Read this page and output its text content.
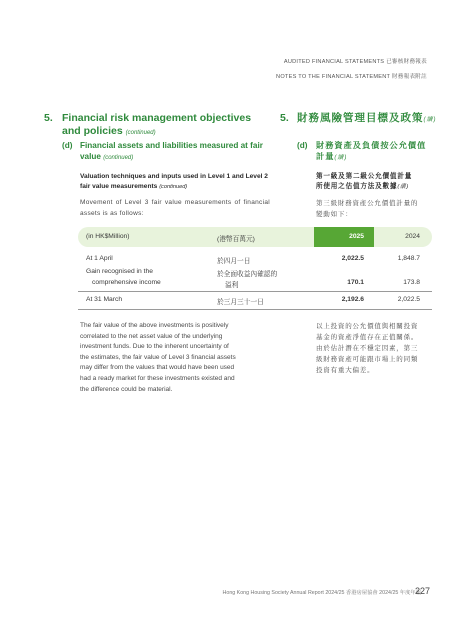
AUDITED FINANCIAL STATEMENTS 已審核財務報表
NOTES TO THE FINANCIAL STATEMENT 財務報表附註
5. Financial risk management objectives and policies (continued)
5. 財務風險管理目標及政策(續)
(d) Financial assets and liabilities measured at fair value (continued)
(d) 財務資產及負債按公允價值計量(續)
Valuation techniques and inputs used in Level 1 and Level 2 fair value measurements (continued)
第一級及第二級公允價值計量
所使用之估值方法及數據(續)
Movement of Level 3 fair value measurements of financial assets is as follows:
第三級財務資產公允價值計量的
變動如下：
(in HK$Million)	(港幣百萬元)	2025	2024
At 1 April	於四月一日	2,022.5	1,848.7
Gain recognised in the
comprehensive income
於全面收益內確認的
溢利	170.1	173.8
At 31 March	於三月三十一日	2,192.6	2,022.5
The fair value of the above investments is positively
correlated to the net asset value of the underlying
investment funds. Due to the inherent uncertainty of
the estimates, the fair value of Level 3 financial assets
may differ from the values that would have been used
had a ready market for these investments existed and
the difference could be material.
以上投資的公允價值與相關投資
基金的資產淨值存在正值關係。
由於估計潛在不穩定因素，第三
級財務資產可能跟市場上的同類
投資有重大偏差。
Hong Kong Housing Society Annual Report 2024/25 香港房屋協會 2024/25 年度年報
227
